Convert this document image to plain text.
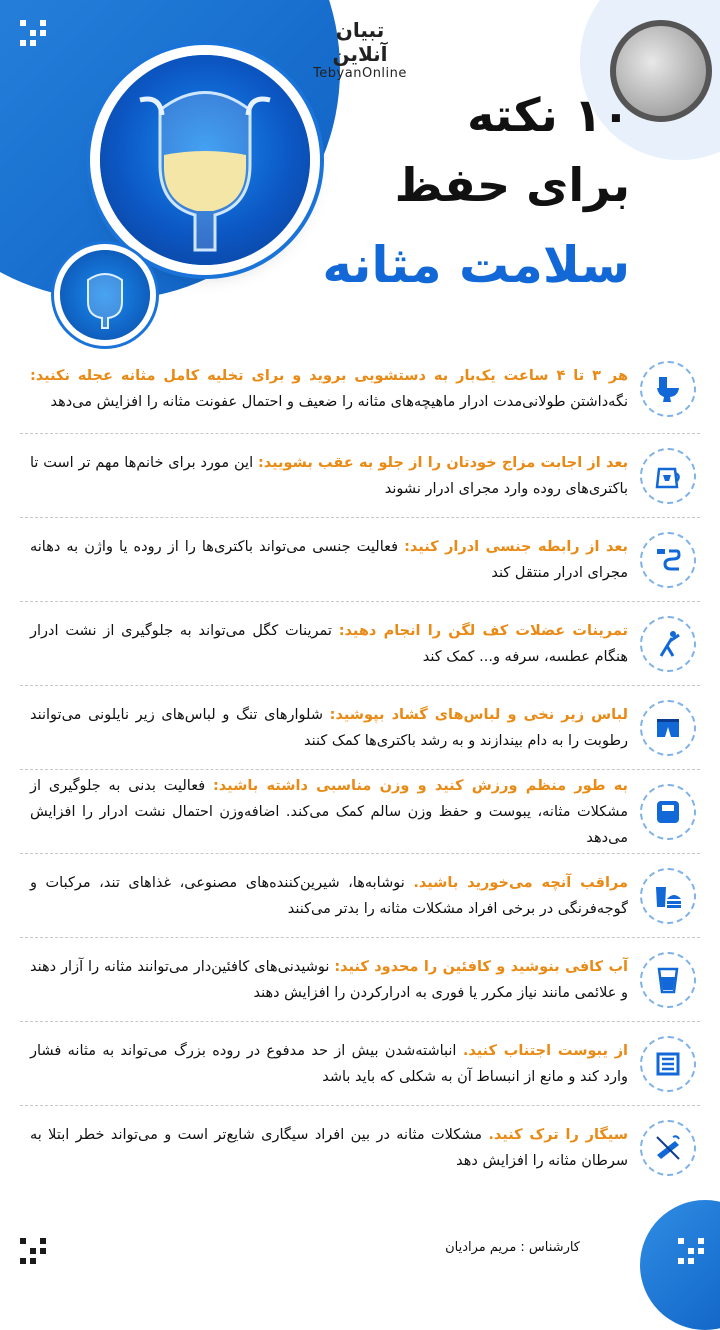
تبیان آنلاین
TebyanOnline
۱۰ نکته
برای حفظ
سلامت مثانه
هر ۳ تا ۴ ساعت یک‌بار به دستشویی بروید و برای تخلیه کامل مثانه عجله نکنید: نگه‌داشتن طولانی‌مدت ادرار ماهیچه‌های مثانه را ضعیف و احتمال عفونت مثانه را افزایش می‌دهد
بعد از اجابت مزاج خودتان را از جلو به عقب بشویید: این مورد برای خانم‌ها مهم تر است تا باکتری‌های روده وارد مجرای ادرار نشوند
بعد از رابطه جنسی ادرار کنید: فعالیت جنسی می‌تواند باکتری‌ها را از روده یا واژن به دهانه مجرای ادرار منتقل کند
تمرینات عضلات کف لگن را انجام دهید: تمرینات کگل می‌تواند به جلوگیری از نشت ادرار هنگام عطسه، سرفه و... کمک کند
لباس زیر نخی و لباس‌های گشاد بپوشید: شلوارهای تنگ و لباس‌های زیر نایلونی می‌توانند رطوبت را به دام بیندازند و به رشد باکتری‌ها کمک کنند
به طور منظم ورزش کنید و وزن مناسبی داشته باشید: فعالیت بدنی به جلوگیری از مشکلات مثانه، یبوست و حفظ وزن سالم کمک می‌کند. اضافه‌وزن احتمال نشت ادرار را افزایش می‌دهد
مراقب آنچه می‌خورید باشید. نوشابه‌ها، شیرین‌کننده‌های مصنوعی، غذاهای تند، مرکبات و گوجه‌فرنگی در برخی افراد مشکلات مثانه را بدتر می‌کنند
آب کافی بنوشید و کافئین را محدود کنید: نوشیدنی‌های کافئین‌دار می‌توانند مثانه را آزار دهند و علائمی مانند نیاز مکرر یا فوری به ادرارکردن را افزایش دهند
از یبوست اجتناب کنید. انباشته‌شدن بیش از حد مدفوع در روده بزرگ می‌تواند به مثانه فشار وارد کند و مانع از انبساط آن به شکلی که باید باشد
سیگار را ترک کنید. مشکلات مثانه در بین افراد سیگاری شایع‌تر است و می‌تواند خطر ابتلا به سرطان مثانه را افزایش دهد
کارشناس : مریم مرادیان
